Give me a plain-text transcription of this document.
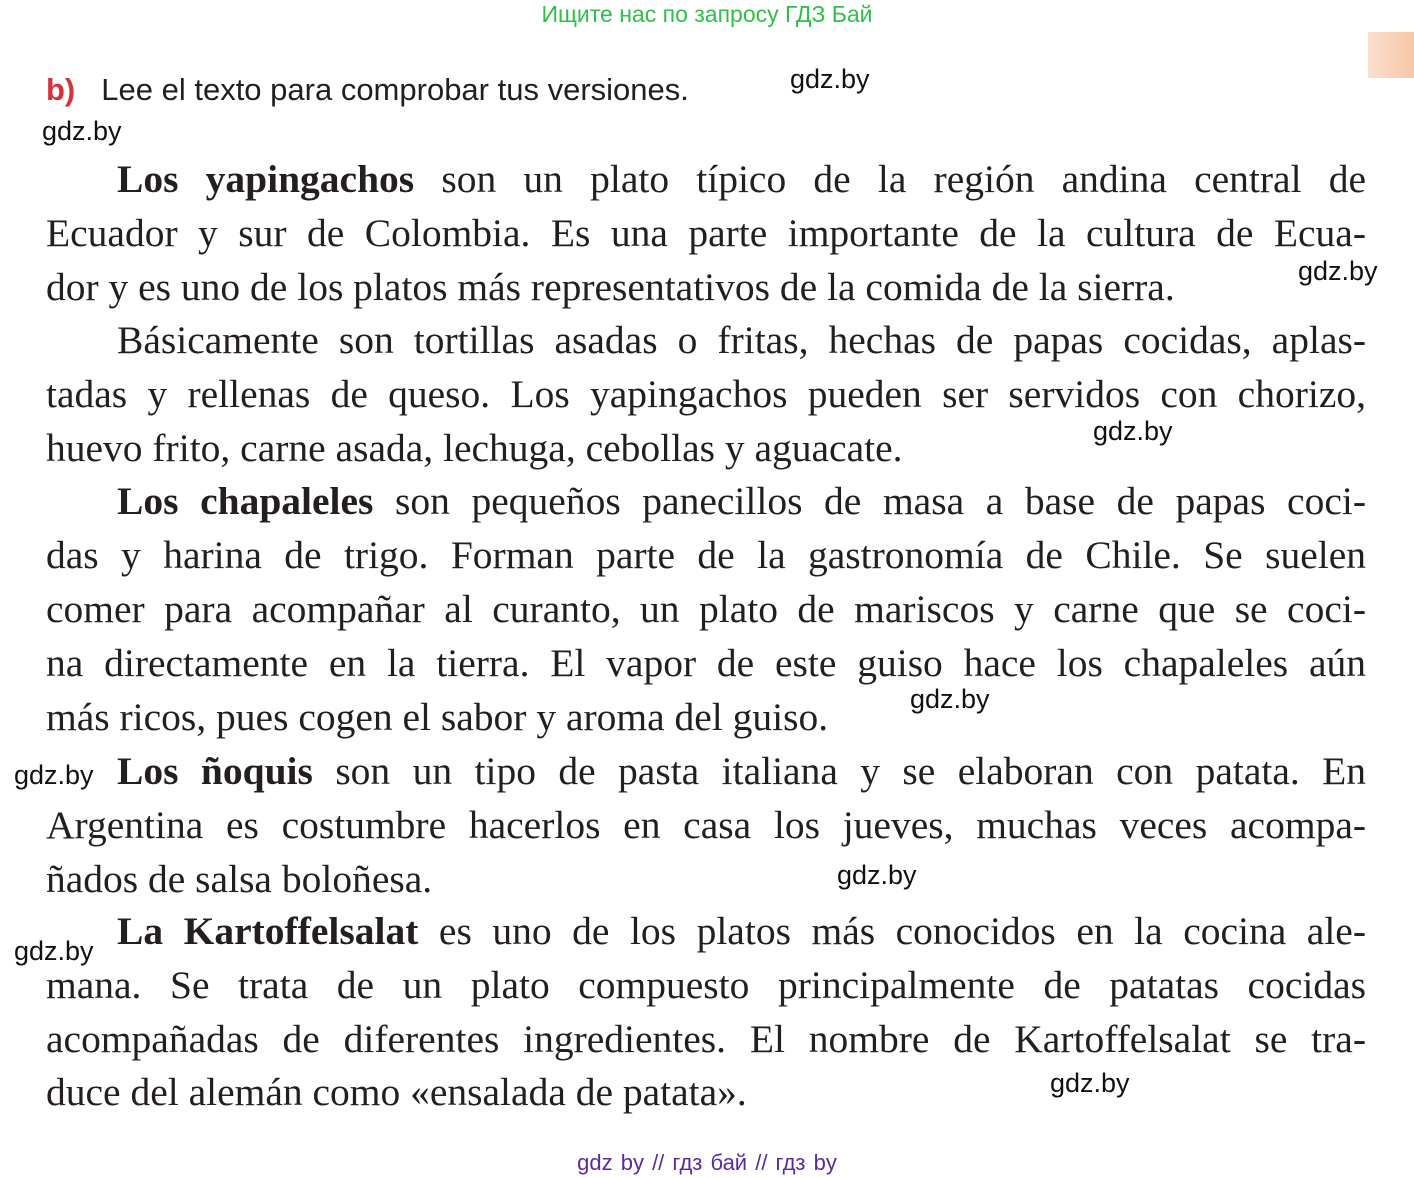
Ищите нас по запросу ГДЗ Бай
b) Lee el texto para comprobar tus versiones.
Los yapingachos son un plato típico de la región andina central de
Ecuador y sur de Colombia. Es una parte importante de la cultura de Ecua-
dor y es uno de los platos más representativos de la comida de la sierra.
Básicamente son tortillas asadas o fritas, hechas de papas cocidas, aplas-
tadas y rellenas de queso. Los yapingachos pueden ser servidos con chorizo,
huevo frito, carne asada, lechuga, cebollas y aguacate.
Los chapaleles son pequeños panecillos de masa a base de papas coci-
das y harina de trigo. Forman parte de la gastronomía de Chile. Se suelen
comer para acompañar al curanto, un plato de mariscos y carne que se coci-
na directamente en la tierra. El vapor de este guiso hace los chapaleles aún
más ricos, pues cogen el sabor y aroma del guiso.
Los ñoquis son un tipo de pasta italiana y se elaboran con patata. En
Argentina es costumbre hacerlos en casa los jueves, muchas veces acompa-
ñados de salsa boloñesa.
La Kartoffelsalat es uno de los platos más conocidos en la cocina ale-
mana. Se trata de un plato compuesto principalmente de patatas cocidas
acompañadas de diferentes ingredientes. El nombre de Kartoffelsalat se tra-
duce del alemán como «ensalada de patata».
gdz.by
gdz.by
gdz.by
gdz.by
gdz.by
gdz.by
gdz.by
gdz.by
gdz.by
gdz by // гдз бай // гдз by
